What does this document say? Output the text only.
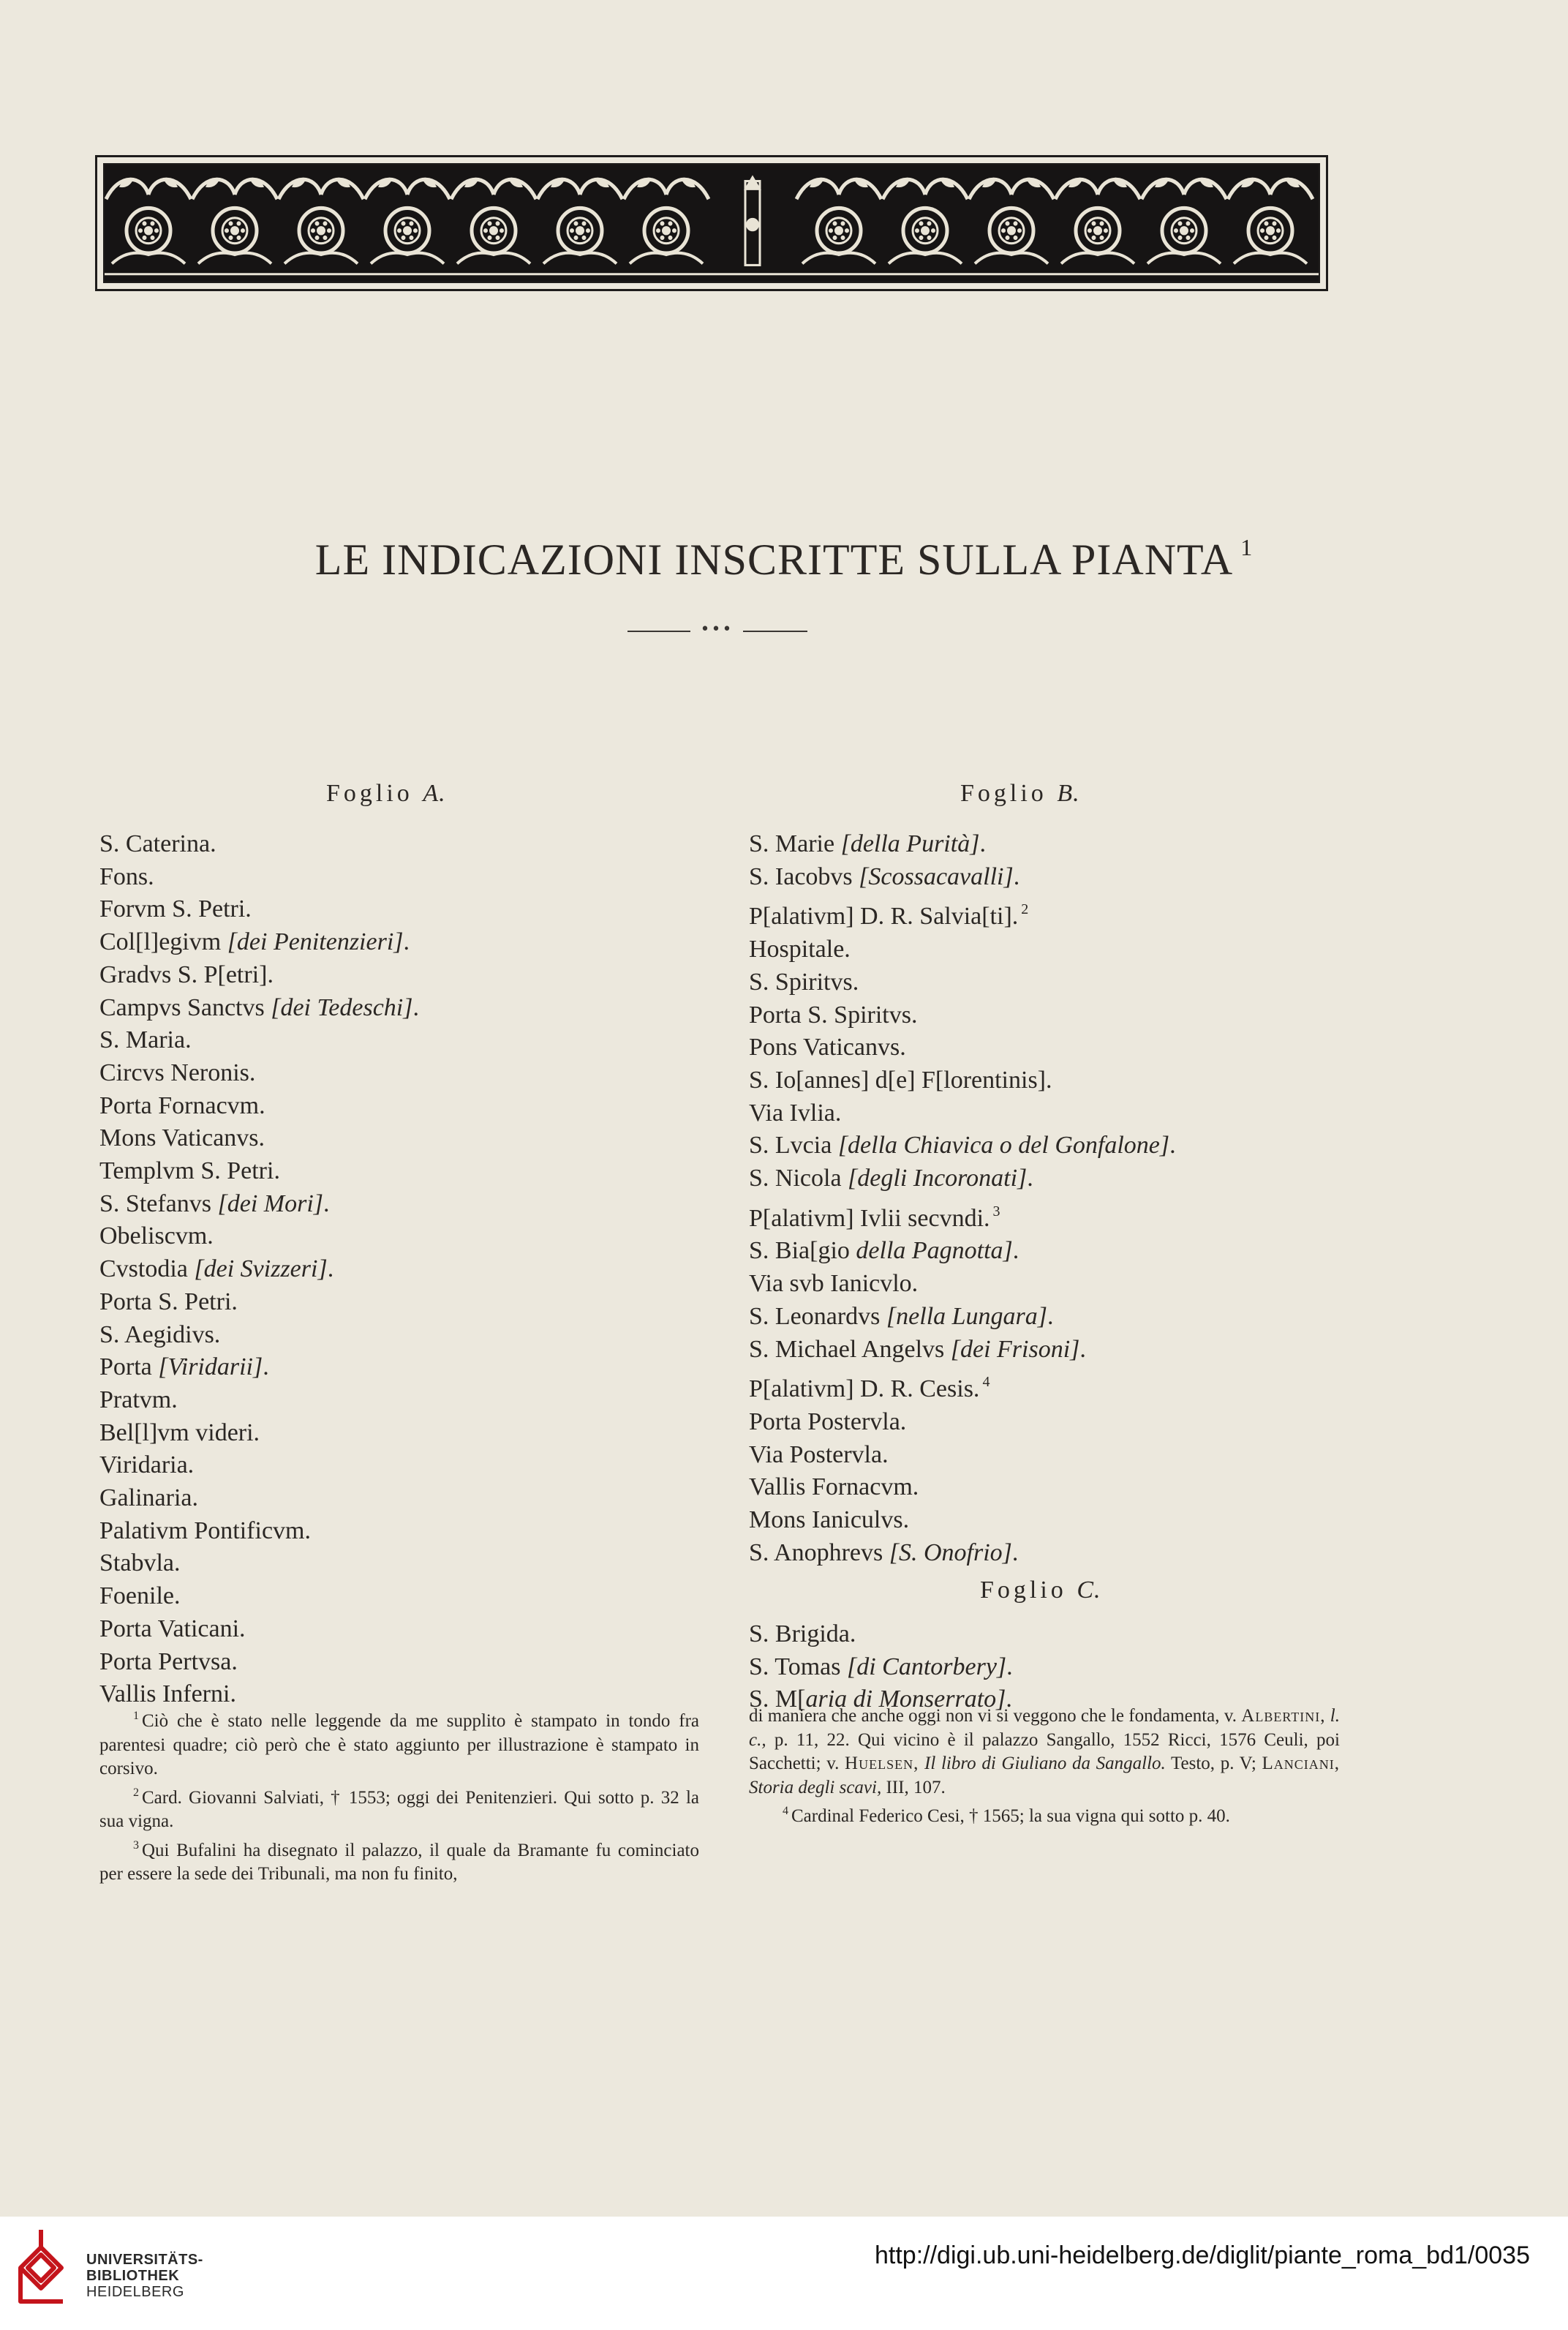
LE INDICAZIONI INSCRITTE SULLA PIANTA $^1$
•••
Foglio A.	Foglio B.
Foglio C.
S. Caterina.
Fons.
Forvm S. Petri.
Col[l]egivm [dei Penitenzieri].
Gradvs S. P[etri].
Campvs Sanctvs [dei Tedeschi].
S. Maria.
Circvs Neronis.
Porta Fornacvm.
Mons Vaticanvs.
Templvm S. Petri.
S. Stefanvs [dei Mori].
Obeliscvm.
Cvstodia [dei Svizzeri].
Porta S. Petri.
S. Aegidivs.
Porta [Viridarii].
Pratvm.
Bel[l]vm videri.
Viridaria.
Galinaria.
Palativm Pontificvm.
Stabvla.
Foenile.
Porta Vaticani.
Porta Pertvsa.
Vallis Inferni.
S. Marie [della Purità].
S. Iacobvs [Scossacavalli].
P[alativm] D. R. Salvia[ti]. $^2$
Hospitale.
S. Spiritvs.
Porta S. Spiritvs.
Pons Vaticanvs.
S. Io[annes] d[e] F[lorentinis].
Via Ivlia.
S. Lvcia [della Chiavica o del Gonfalone].
S. Nicola [degli Incoronati].
P[alativm] Ivlii secvndi. $^3$
S. Bia[gio della Pagnotta].
Via svb Ianicvlo.
S. Leonardvs [nella Lungara].
S. Michael Angelvs [dei Frisoni].
P[alativm] D. R. Cesis. $^4$
Porta Postervla.
Via Postervla.
Vallis Fornacvm.
Mons Ianiculvs.
S. Anophrevs [S. Onofrio].
S. Brigida.
S. Tomas [di Cantorbery].
S. M[aria di Monserrato].

$^1$ Ciò che è stato nelle leggende da me supplito è stampato in tondo fra parentesi quadre; ciò però che è stato aggiunto per illustrazione è stampato in corsivo.

$^2$ Card. Giovanni Salviati, † 1553; oggi dei Penitenzieri. Qui sotto p. 32 la sua vigna.

$^3$ Qui Bufalini ha disegnato il palazzo, il quale da Bramante fu cominciato per essere la sede dei Tribunali, ma non fu finito,

di maniera che anche oggi non vi si veggono che le fondamenta, v. Albertini, l. c., p. 11, 22. Qui vicino è il palazzo Sangallo, 1552 Ricci, 1576 Ceuli, poi Sacchetti; v. Huelsen, Il libro di Giuliano da Sangallo. Testo, p. V; Lanciani, Storia degli scavi, III, 107.

$^4$ Cardinal Federico Cesi, † 1565; la sua vigna qui sotto p. 40.

UNIVERSITÄTS-
BIBLIOTHEK
HEIDELBERG
http://digi.ub.uni-heidelberg.de/diglit/piante_roma_bd1/0035
